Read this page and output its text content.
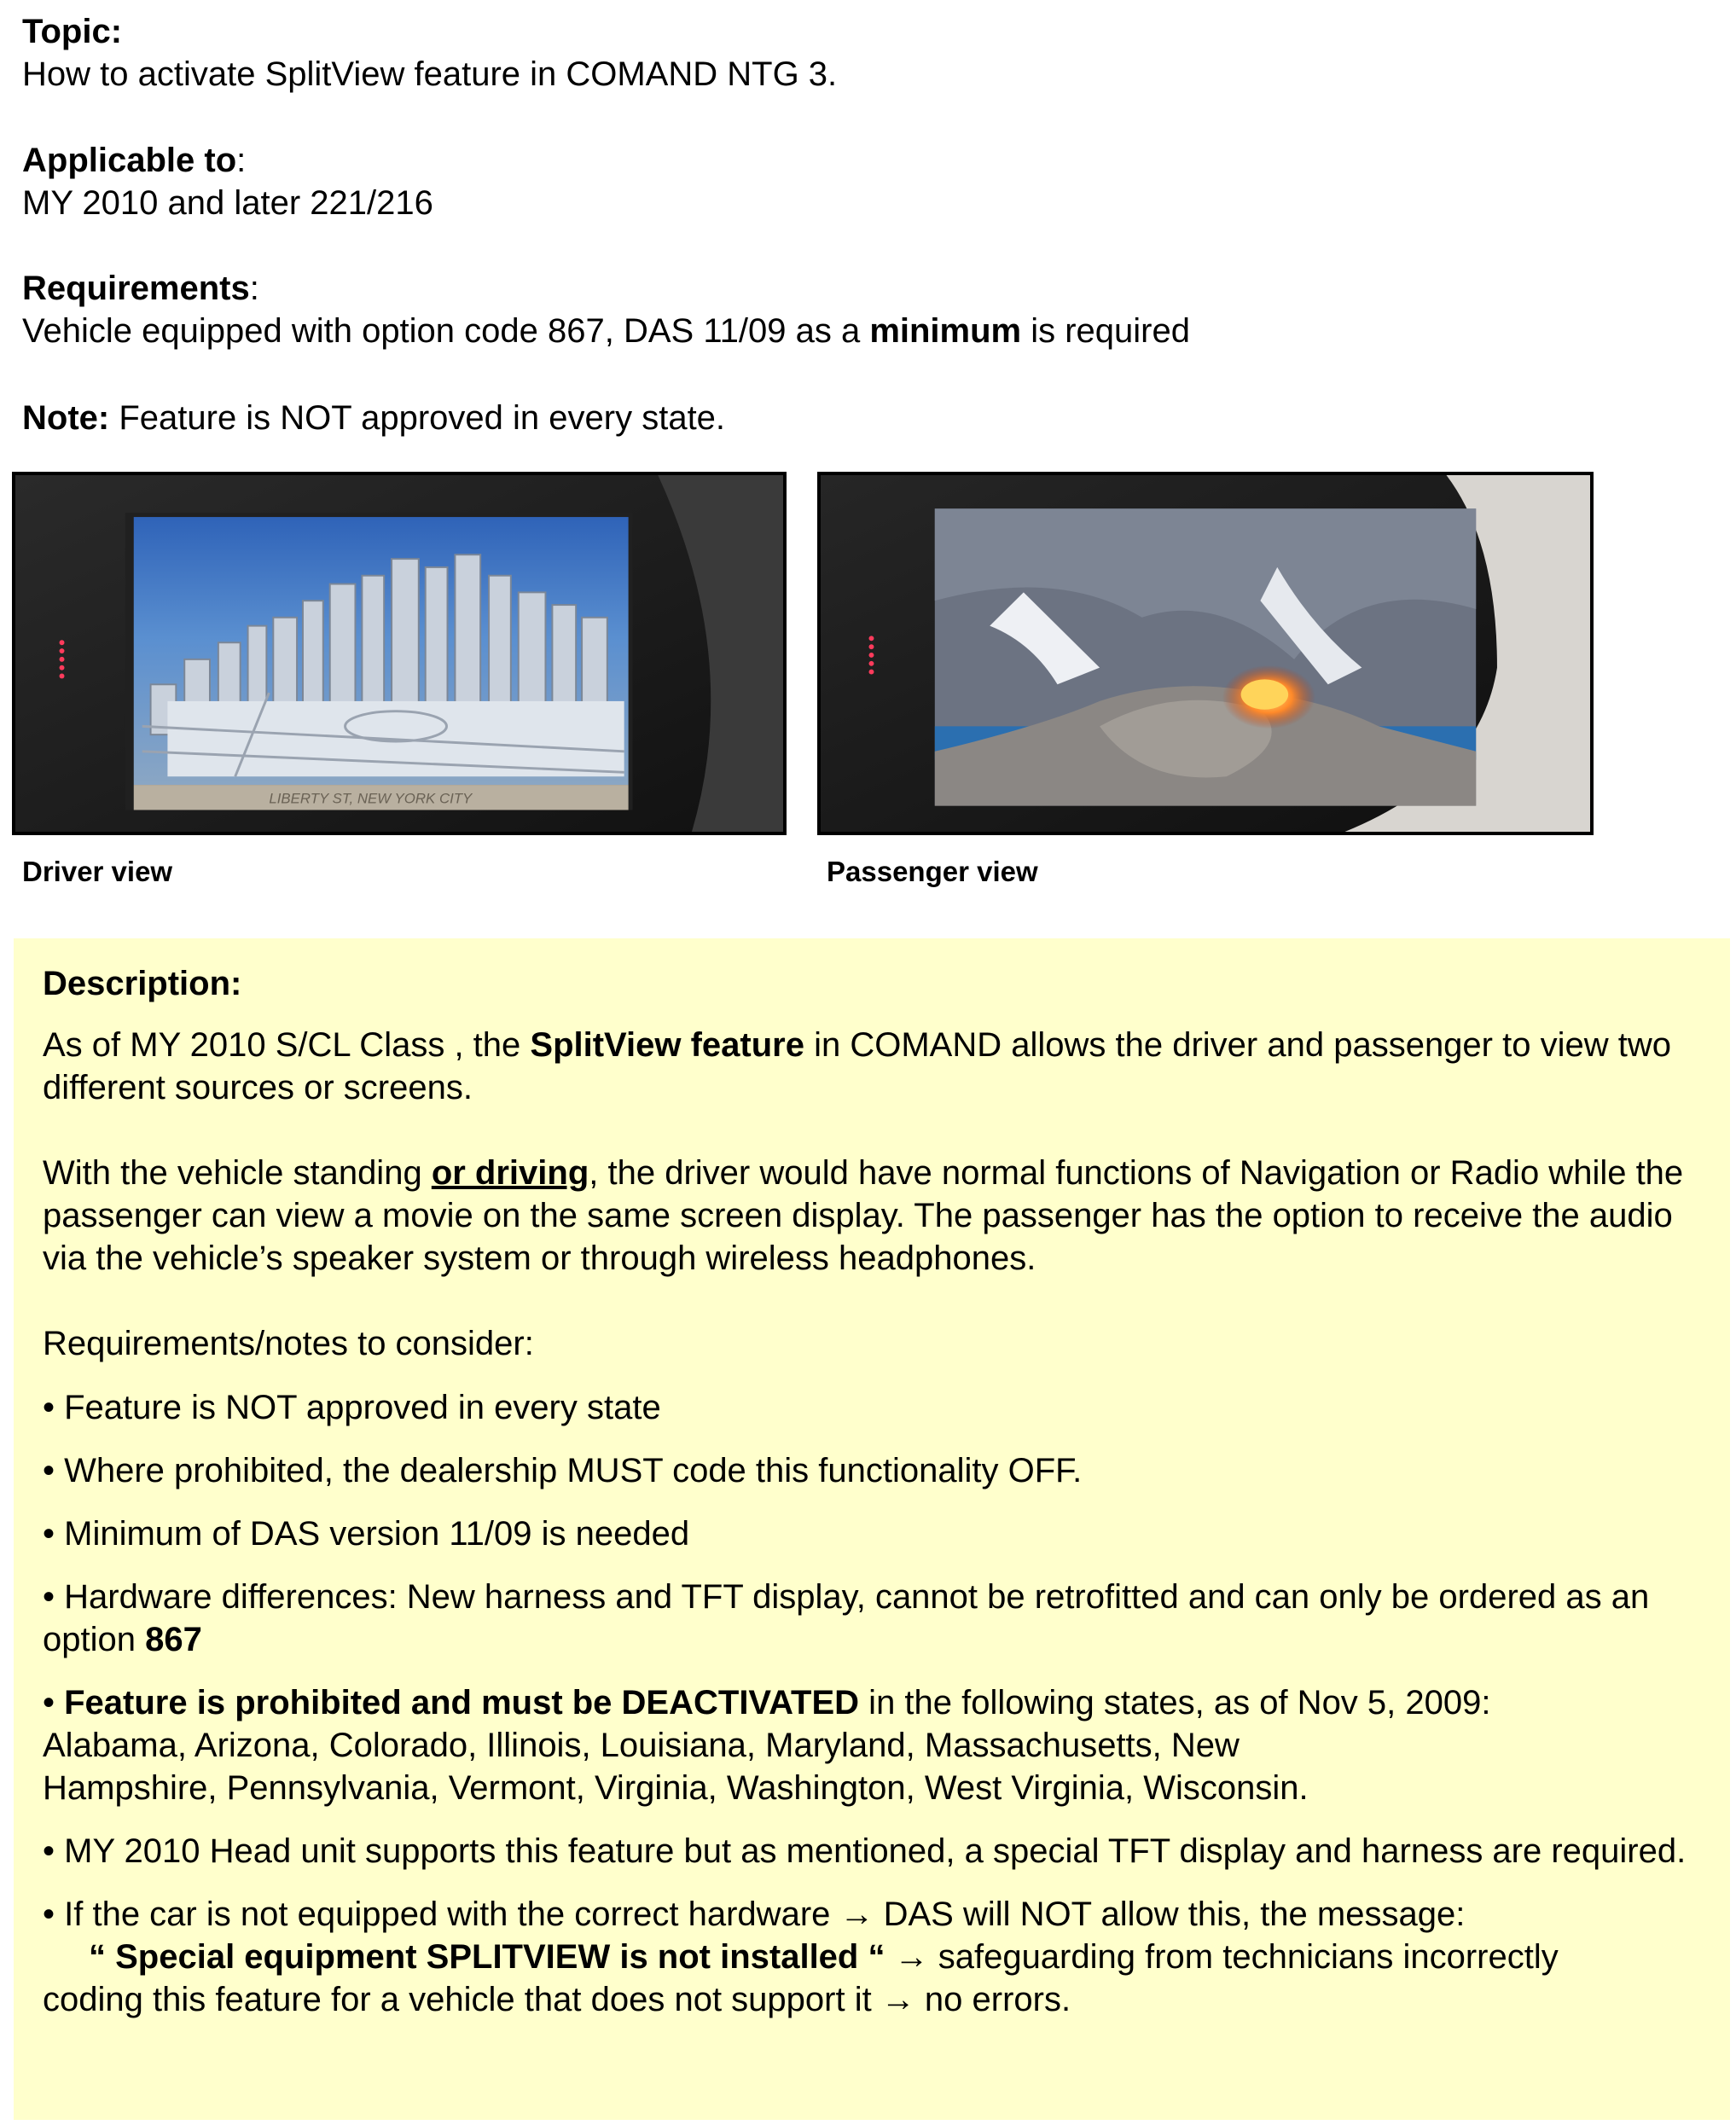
Topic:
How to activate SplitView feature in COMAND NTG 3.
Applicable to:
MY 2010 and later 221/216
Requirements:
Vehicle equipped with option code 867, DAS 11/09 as a minimum is required
Note: Feature is NOT approved in every state.
LIBERTY ST, NEW YORK CITY
Driver view	Passenger view

Description:

As of MY 2010 S/CL Class , the SplitView feature in COMAND allows the driver and passenger to view two different sources or screens.

With the vehicle standing or driving, the driver would have normal functions of Navigation or Radio while the passenger can view a movie on the same screen display. The passenger has the option to receive the audio via the vehicle’s speaker system or through wireless headphones.

Requirements/notes to consider:

• Feature is NOT approved in every state

• Where prohibited, the dealership MUST code this functionality OFF.

• Minimum of DAS version 11/09 is needed

• Hardware differences: New harness and TFT display, cannot be retrofitted and can only be ordered as an option 867

• Feature is prohibited and must be DEACTIVATED in the following states, as of Nov 5, 2009:
Alabama, Arizona, Colorado, Illinois, Louisiana, Maryland, Massachusetts, New
Hampshire, Pennsylvania, Vermont, Virginia, Washington, West Virginia, Wisconsin.

• MY 2010 Head unit supports this feature but as mentioned, a special TFT display and harness are required.

• If the car is not equipped with the correct hardware → DAS will NOT allow this, the message:
“ Special equipment SPLITVIEW is not installed “ → safeguarding from technicians incorrectly
coding this feature for a vehicle that does not support it → no errors.
